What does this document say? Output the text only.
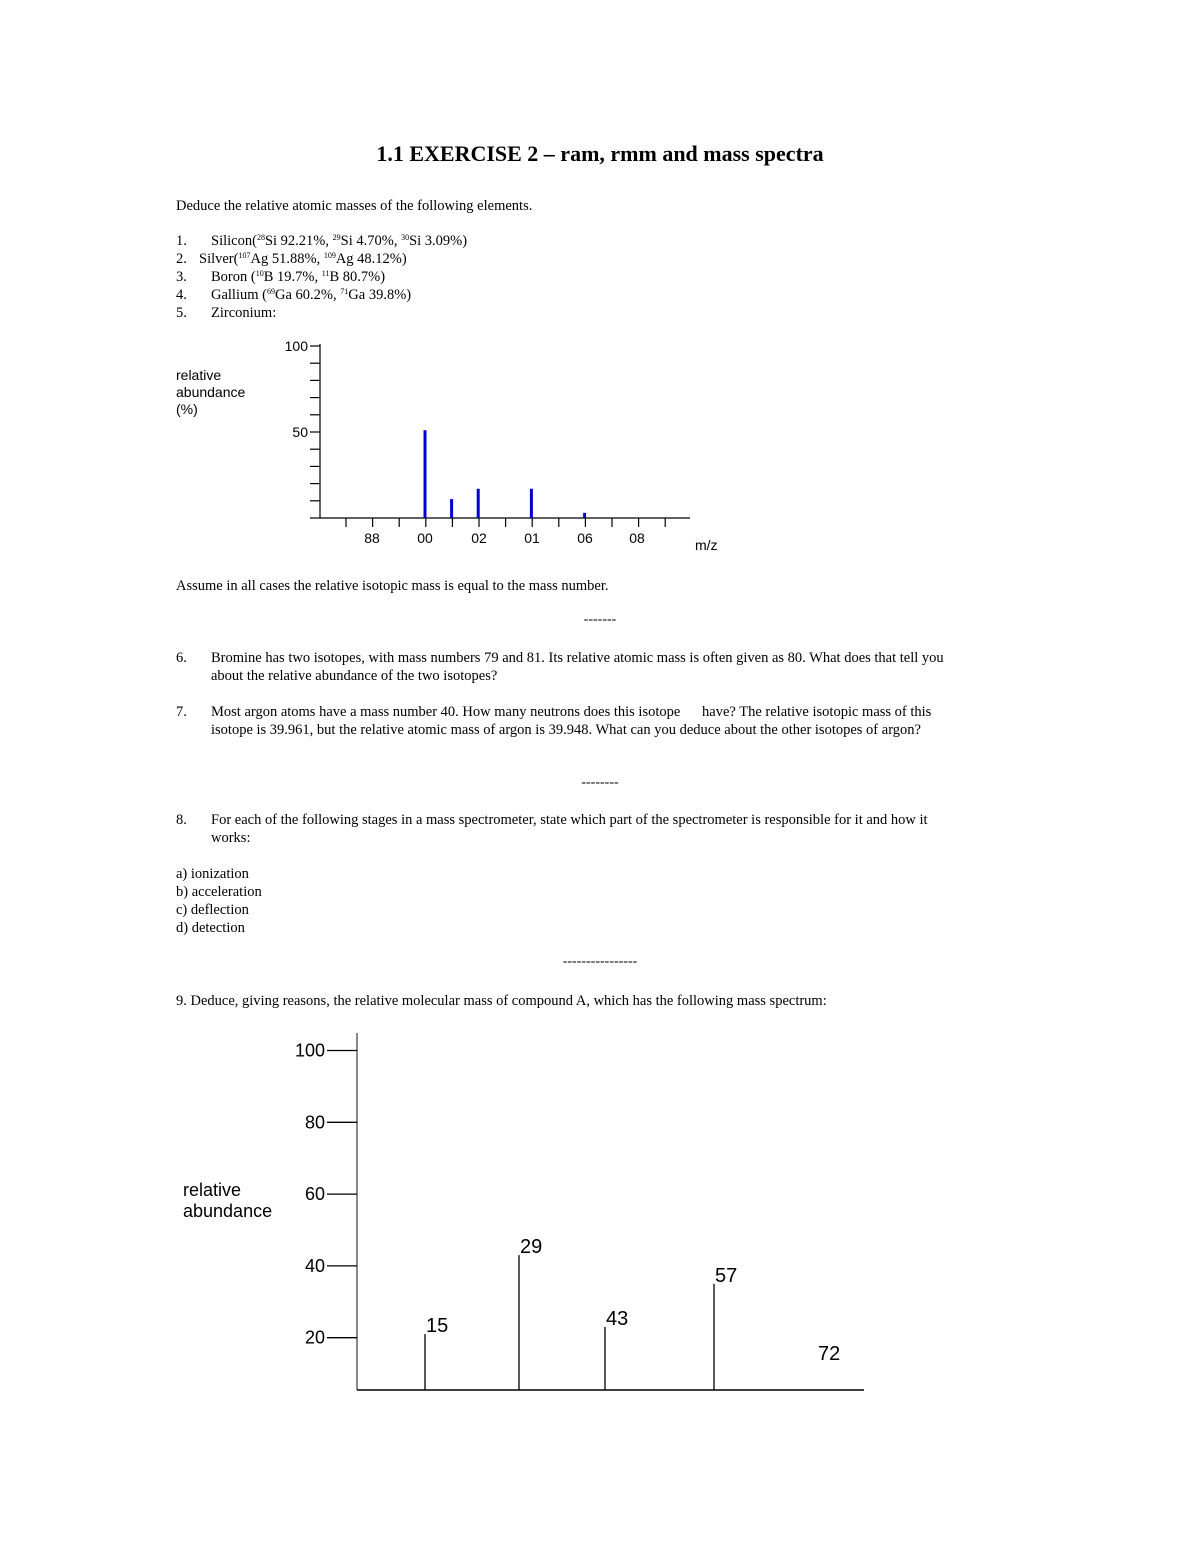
1.1 EXERCISE 2 – ram, rmm and mass spectra
Deduce the relative atomic masses of the following elements.
1. Silicon($^{28}$Si 92.21%, $^{29}$Si 4.70%, $^{30}$Si 3.09%)
2. Silver($^{107}$Ag 51.88%, $^{109}$Ag 48.12%)
3. Boron ($^{10}$B 19.7%, $^{11}$B 80.7%)
4. Gallium ($^{69}$Ga 60.2%, $^{71}$Ga 39.8%)
5. Zirconium:
relative
abundance
(%)
100
50
88	00	02	01	06	08	m/z
Assume in all cases the relative isotopic mass is equal to the mass number.
-------
6. Bromine has two isotopes, with mass numbers 79 and 81. Its relative atomic mass is often given as 80. What does that tell you
about the relative abundance of the two isotopes?
7. Most argon atoms have a mass number 40. How many neutrons does this isotope      have? The relative isotopic mass of this
isotope is 39.961, but the relative atomic mass of argon is 39.948. What can you deduce about the other isotopes of argon?
--------
8. For each of the following stages in a mass spectrometer, state which part of the spectrometer is responsible for it and how it
works:
a) ionization
b) acceleration
c) deflection
d) detection
----------------
9. Deduce, giving reasons, the relative molecular mass of compound A, which has the following mass spectrum:
relative
abundance
100
80
60
40
20
15
29
43
57
72
